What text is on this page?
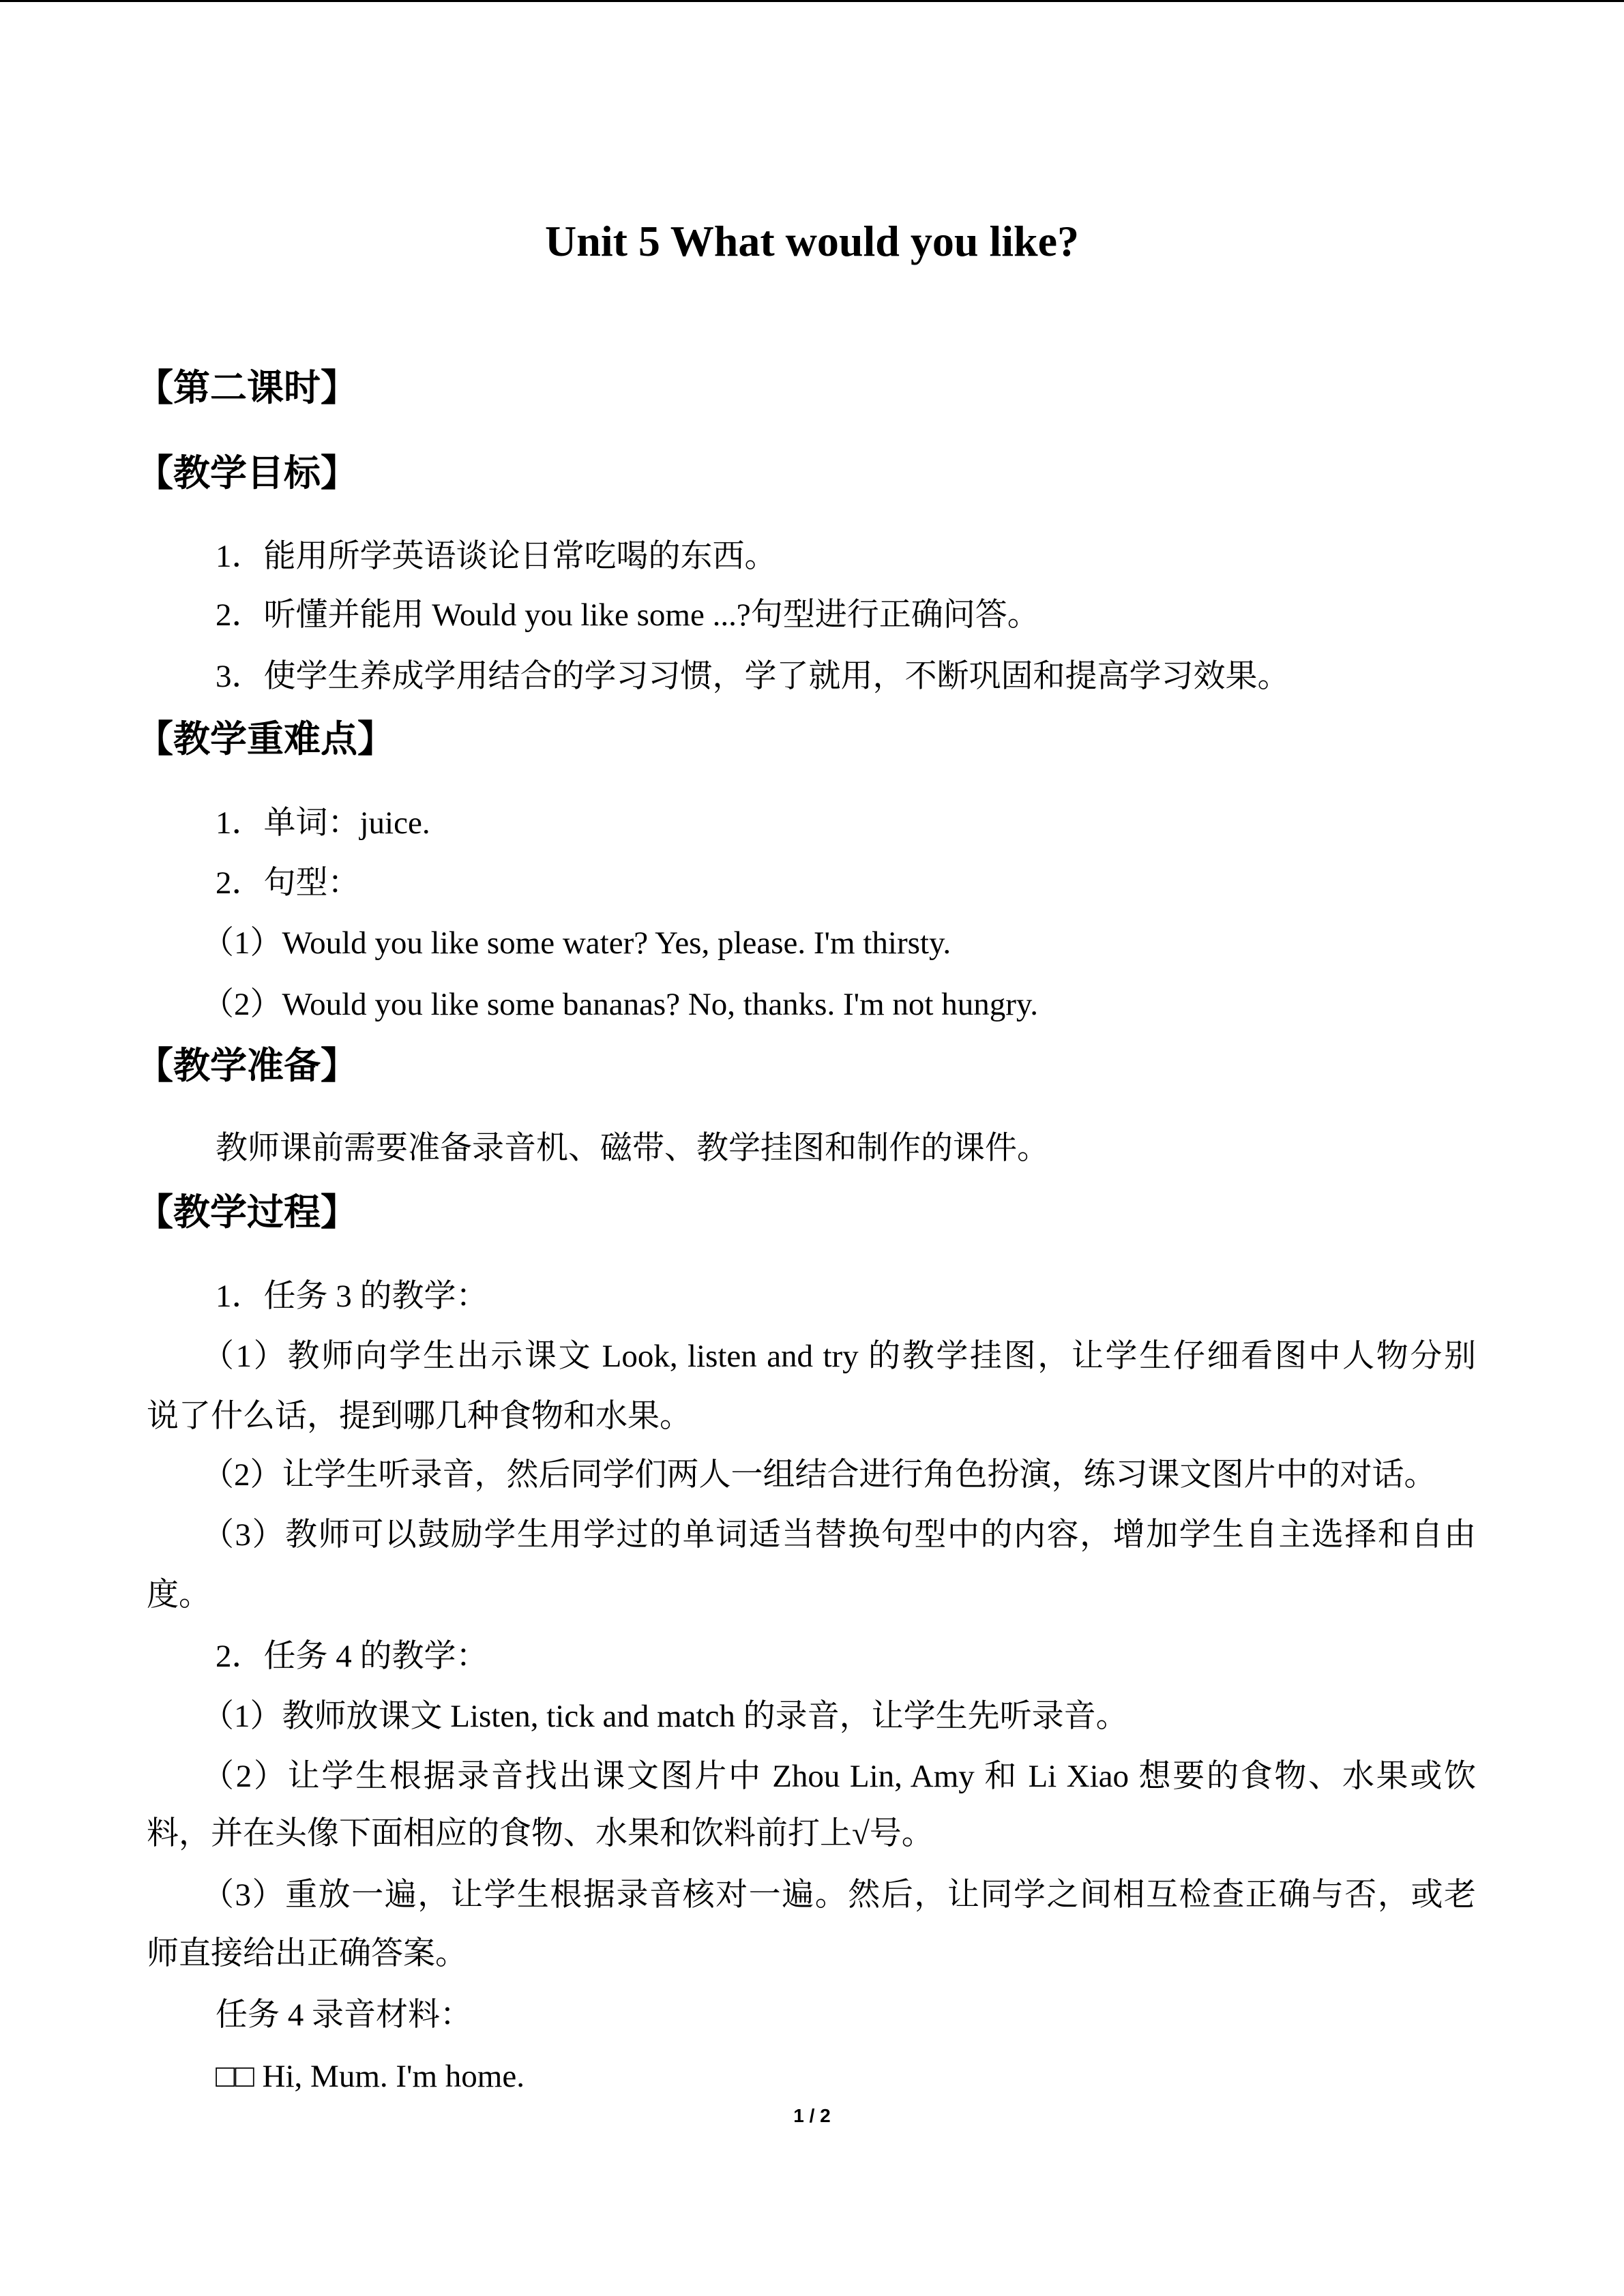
Unit 5 What would you like?
【第二课时】
【教学目标】
1．能用所学英语谈论日常吃喝的东西。
2．听懂并能用 Would you like some ...?句型进行正确问答。
3．使学生养成学用结合的学习习惯，学了就用，不断巩固和提高学习效果。
【教学重难点】
1．单词：juice.
2．句型：
（1）Would you like some water? Yes, please. I'm thirsty.
（2）Would you like some bananas? No, thanks. I'm not hungry.
【教学准备】
教师课前需要准备录音机、磁带、教学挂图和制作的课件。
【教学过程】
1．任务 3 的教学：
（1）教师向学生出示课文 Look, listen and try 的教学挂图，让学生仔细看图中人物分别
说了什么话，提到哪几种食物和水果。
（2）让学生听录音，然后同学们两人一组结合进行角色扮演，练习课文图片中的对话。
（3）教师可以鼓励学生用学过的单词适当替换句型中的内容，增加学生自主选择和自由
度。
2．任务 4 的教学：
（1）教师放课文 Listen, tick and match 的录音，让学生先听录音。
（2）让学生根据录音找出课文图片中 Zhou Lin, Amy 和 Li Xiao 想要的食物、水果或饮
料，并在头像下面相应的食物、水果和饮料前打上√号。
（3）重放一遍，让学生根据录音核对一遍。然后，让同学之间相互检查正确与否，或老
师直接给出正确答案。
任务 4 录音材料：
□□ Hi, Mum. I'm home.
1 / 2
